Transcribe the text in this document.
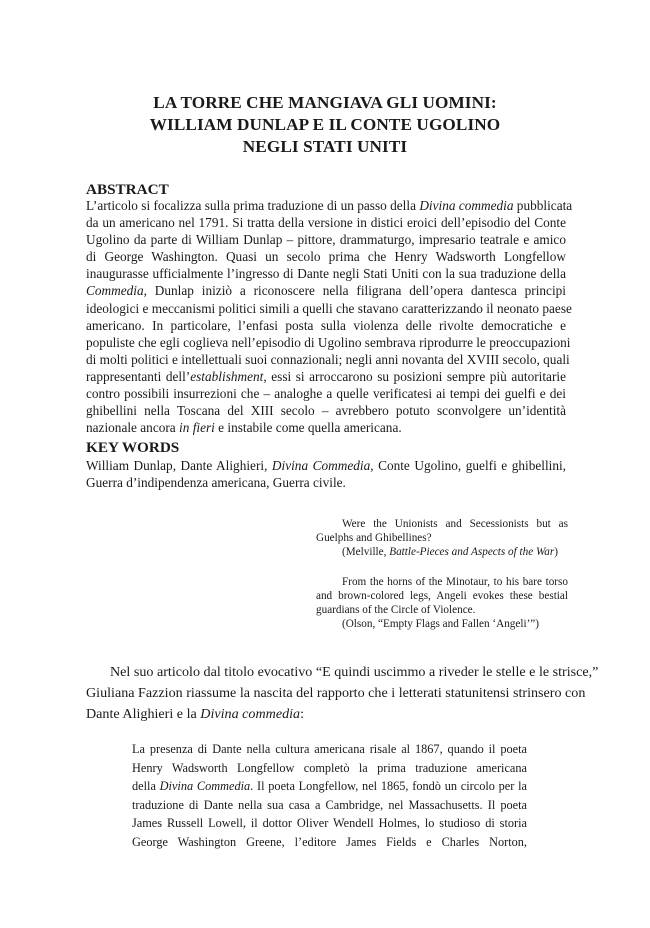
LA TORRE CHE MANGIAVA GLI UOMINI:
WILLIAM DUNLAP E IL CONTE UGOLINO
NEGLI STATI UNITI
ABSTRACT
L’articolo si focalizza sulla prima traduzione di un passo della Divina commedia pubblicata
da un americano nel 1791. Si tratta della versione in distici eroici dell’episodio del Conte
Ugolino da parte di William Dunlap – pittore, drammaturgo, impresario teatrale e amico
di George Washington. Quasi un secolo prima che Henry Wadsworth Longfellow
inaugurasse ufficialmente l’ingresso di Dante negli Stati Uniti con la sua traduzione della
Commedia, Dunlap iniziò a riconoscere nella filigrana dell’opera dantesca principi
ideologici e meccanismi politici simili a quelli che stavano caratterizzando il neonato paese
americano. In particolare, l’enfasi posta sulla violenza delle rivolte democratiche e
populiste che egli coglieva nell’episodio di Ugolino sembrava riprodurre le preoccupazioni
di molti politici e intellettuali suoi connazionali; negli anni novanta del XVIII secolo, quali
rappresentanti dell’establishment, essi si arroccarono su posizioni sempre più autoritarie
contro possibili insurrezioni che – analoghe a quelle verificatesi ai tempi dei guelfi e dei
ghibellini nella Toscana del XIII secolo – avrebbero potuto sconvolgere un’identità
nazionale ancora in fieri e instabile come quella americana.
KEY WORDS
William Dunlap, Dante Alighieri, Divina Commedia, Conte Ugolino, guelfi e ghibellini,
Guerra d’indipendenza americana, Guerra civile.
Were the Unionists and Secessionists but as
Guelphs and Ghibellines?
(Melville, Battle-Pieces and Aspects of the War)
From the horns of the Minotaur, to his bare torso
and brown-colored legs, Angeli evokes these bestial
guardians of the Circle of Violence.
(Olson, “Empty Flags and Fallen ‘Angeli’”)
Nel suo articolo dal titolo evocativo “E quindi uscimmo a riveder le stelle e le strisce,”
Giuliana Fazzion riassume la nascita del rapporto che i letterati statunitensi strinsero con
Dante Alighieri e la Divina commedia:
La presenza di Dante nella cultura americana risale al 1867, quando il poeta
Henry Wadsworth Longfellow completò la prima traduzione americana
della Divina Commedia. Il poeta Longfellow, nel 1865, fondò un circolo per la
traduzione di Dante nella sua casa a Cambridge, nel Massachusetts. Il poeta
James Russell Lowell, il dottor Oliver Wendell Holmes, lo studioso di storia
George Washington Greene, l’editore James Fields e Charles Norton,
